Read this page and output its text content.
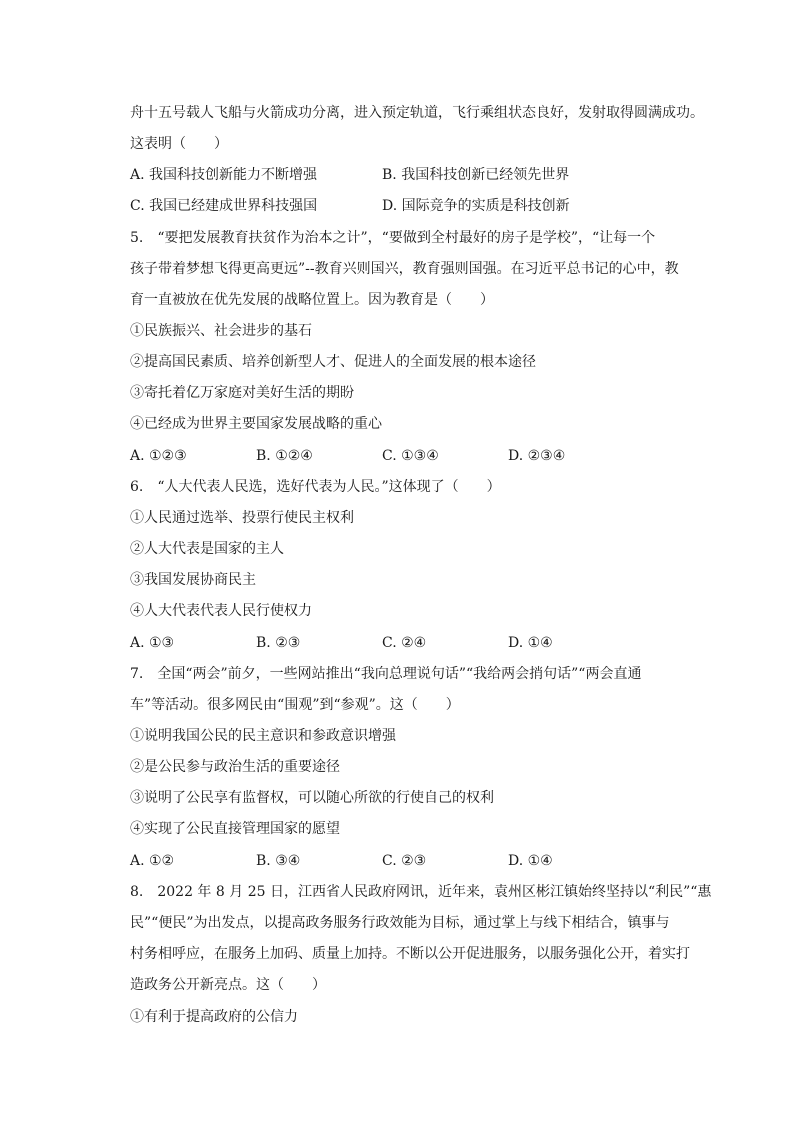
舟十五号载人飞船与火箭成功分离，进入预定轨道，飞行乘组状态良好，发射取得圆满成功。
这表明（　　）
A. 我国科技创新能力不断增强	B. 我国科技创新已经领先世界
C. 我国已经建成世界科技强国	D. 国际竞争的实质是科技创新
5.　“要把发展教育扶贫作为治本之计”，“要做到全村最好的房子是学校”，“让每一个
孩子带着梦想飞得更高更远”--教育兴则国兴，教育强则国强。在习近平总书记的心中，教
育一直被放在优先发展的战略位置上。因为教育是（　　）
①民族振兴、社会进步的基石
②提高国民素质、培养创新型人才、促进人的全面发展的根本途径
③寄托着亿万家庭对美好生活的期盼
④已经成为世界主要国家发展战略的重心
A. ①②③	B. ①②④	C. ①③④	D. ②③④
6.　“人大代表人民选，选好代表为人民。”这体现了（　　）
①人民通过选举、投票行使民主权利
②人大代表是国家的主人
③我国发展协商民主
④人大代表代表人民行使权力
A. ①③	B. ②③	C. ②④	D. ①④
7.　全国“两会”前夕，一些网站推出“我向总理说句话”“我给两会捎句话”“两会直通
车”等活动。很多网民由“围观”到“参观”。这（　　）
①说明我国公民的民主意识和参政意识增强
②是公民参与政治生活的重要途径
③说明了公民享有监督权，可以随心所欲的行使自己的权利
④实现了公民直接管理国家的愿望
A. ①②	B. ③④	C. ②③	D. ①④
8.　2022 年 8 月 25 日，江西省人民政府网讯，近年来，袁州区彬江镇始终坚持以“利民”“惠
民”“便民”为出发点，以提高政务服务行政效能为目标，通过掌上与线下相结合，镇事与
村务相呼应，在服务上加码、质量上加持。不断以公开促进服务，以服务强化公开，着实打
造政务公开新亮点。这（　　）
①有利于提高政府的公信力
